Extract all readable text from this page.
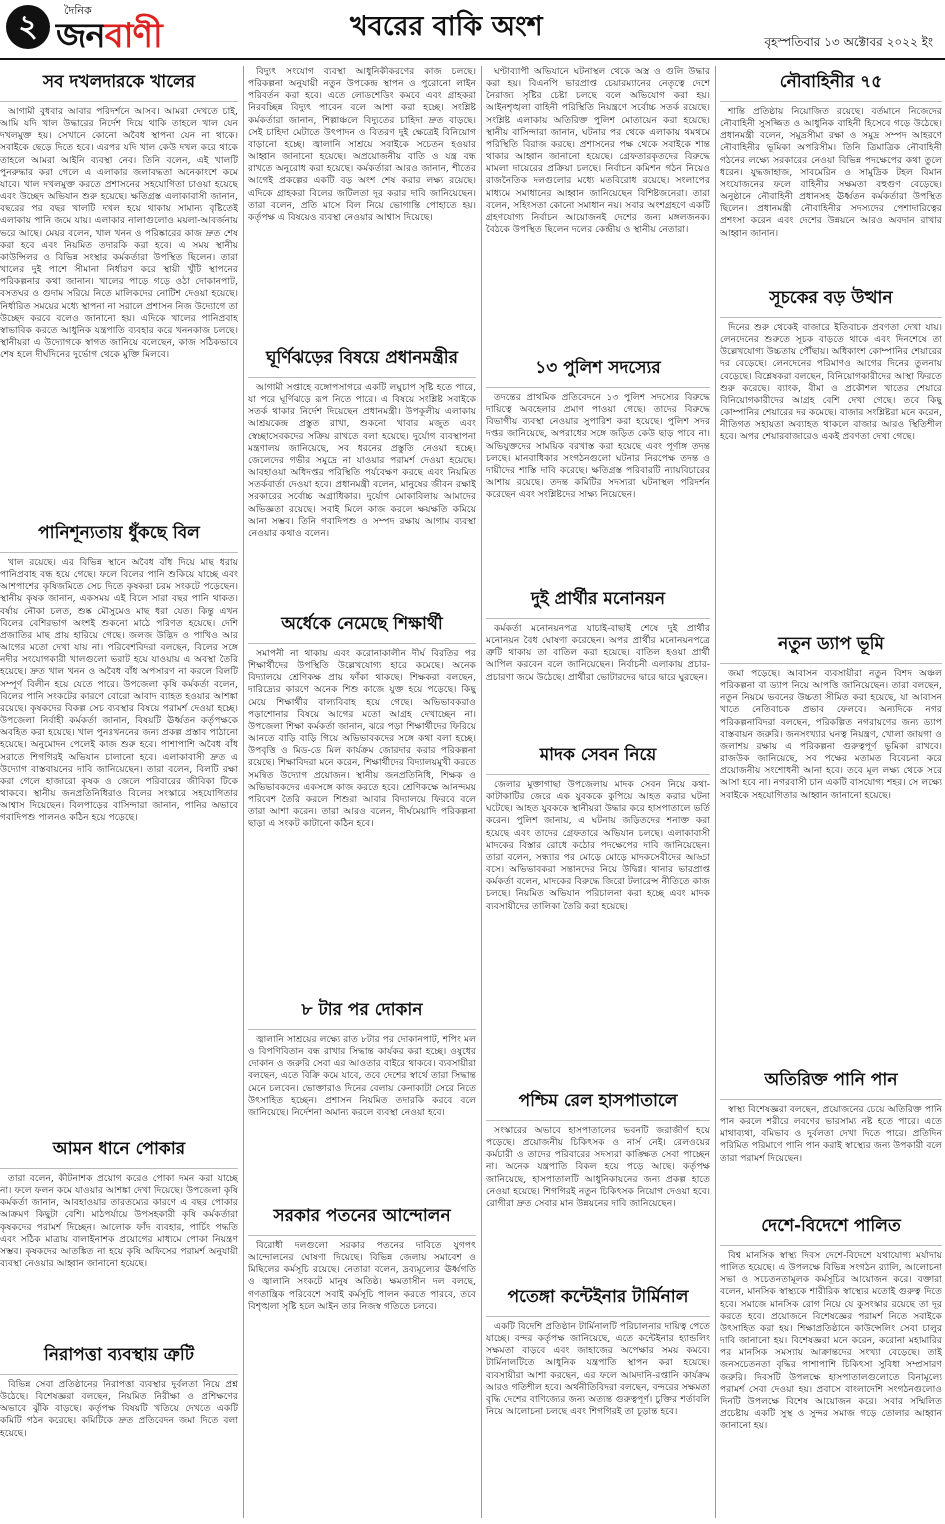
২	দৈনিক
জনবাণী	খবরের বাকি অংশ	বৃহস্পতিবার ১৩ অক্টোবর ২০২২ ইং
সব দখলদারকে খালের
আগামী বুধবার আবার পরিদর্শনে আসব। আমরা দেখতে চাই, আমি যদি খাল উদ্ধারের নির্দেশ দিয়ে থাকি তাহলে খাল যেন দখলমুক্ত হয়। সেখানে কোনো অবৈধ স্থাপনা যেন না থাকে। সবাইকে ছেড়ে দিতে হবে। এরপর যদি খাল কেউ দখল করে থাকে তাহলে আমরা আইনি ব্যবস্থা নেব। তিনি বলেন, এই খালটি পুনরুদ্ধার করা গেলে এ এলাকার জলাবদ্ধতা অনেকাংশে কমে যাবে। খাল দখলমুক্ত করতে প্রশাসনের সহযোগিতা চাওয়া হয়েছে এবং উচ্ছেদ অভিযান শুরু হয়েছে। ক্ষতিগ্রস্ত এলাকাবাসী জানান, বছরের পর বছর খালটি দখল হয়ে থাকায় সামান্য বৃষ্টিতেই এলাকায় পানি জমে যায়। এলাকার নালাগুলোও ময়লা-আবর্জনায় ভরে আছে। মেয়র বলেন, খাল খনন ও পরিষ্কারের কাজ দ্রুত শেষ করা হবে এবং নিয়মিত তদারকি করা হবে। এ সময় স্থানীয় কাউন্সিলর ও বিভিন্ন সংস্থার কর্মকর্তারা উপস্থিত ছিলেন। তারা খালের দুই পাশে সীমানা নির্ধারণ করে স্থায়ী খুঁটি স্থাপনের পরিকল্পনার কথা জানান। খালের পাড়ে গড়ে ওঠা দোকানপাট, বসতঘর ও গুদাম সরিয়ে নিতে মালিকদের নোটিশ দেওয়া হয়েছে। নির্ধারিত সময়ের মধ্যে স্থাপনা না সরালে প্রশাসন নিজ উদ্যোগে তা উচ্ছেদ করবে বলেও জানানো হয়। এদিকে খালের পানিপ্রবাহ স্বাভাবিক করতে আধুনিক যন্ত্রপাতি ব্যবহার করে খননকাজ চলছে। স্থানীয়রা এ উদ্যোগকে স্বাগত জানিয়ে বলেছেন, কাজ সঠিকভাবে শেষ হলে দীর্ঘদিনের দুর্ভোগ থেকে মুক্তি মিলবে।
পানিশূন্যতায় ধুঁকছে বিল
খাল রয়েছে। এর বিভিন্ন স্থানে অবৈধ বাঁধ দিয়ে মাছ ধরায় পানিপ্রবাহ বন্ধ হয়ে গেছে। ফলে বিলের পানি শুকিয়ে যাচ্ছে এবং আশপাশের কৃষিজমিতে সেচ দিতে কৃষকরা চরম সংকটে পড়েছেন। স্থানীয় কৃষক জানান, একসময় এই বিলে সারা বছর পানি থাকত। বর্ষায় নৌকা চলত, শুষ্ক মৌসুমেও মাছ ধরা যেত। কিন্তু এখন বিলের বেশিরভাগ অংশই শুকনো মাঠে পরিণত হয়েছে। দেশি প্রজাতির মাছ প্রায় হারিয়ে গেছে। জলজ উদ্ভিদ ও পাখিও আর আগের মতো দেখা যায় না। পরিবেশবিদরা বলছেন, বিলের সঙ্গে নদীর সংযোগকারী খালগুলো ভরাট হয়ে যাওয়ায় এ অবস্থা তৈরি হয়েছে। দ্রুত খাল খনন ও অবৈধ বাঁধ অপসারণ না করলে বিলটি সম্পূর্ণ বিলীন হয়ে যেতে পারে। উপজেলা কৃষি কর্মকর্তা বলেন, বিলের পানি সংকটের কারণে বোরো আবাদ ব্যাহত হওয়ার আশঙ্কা রয়েছে। কৃষকদের বিকল্প সেচ ব্যবস্থার বিষয়ে পরামর্শ দেওয়া হচ্ছে। উপজেলা নির্বাহী কর্মকর্তা জানান, বিষয়টি ঊর্ধ্বতন কর্তৃপক্ষকে অবহিত করা হয়েছে। খাল পুনঃখননের জন্য প্রকল্প প্রস্তাব পাঠানো হয়েছে। অনুমোদন পেলেই কাজ শুরু হবে। পাশাপাশি অবৈধ বাঁধ সরাতে শিগগিরই অভিযান চালানো হবে। এলাকাবাসী দ্রুত এ উদ্যোগ বাস্তবায়নের দাবি জানিয়েছেন। তারা বলেন, বিলটি রক্ষা করা গেলে হাজারো কৃষক ও জেলে পরিবারের জীবিকা টিকে থাকবে। স্থানীয় জনপ্রতিনিধিরাও বিলের সংস্কারে সহযোগিতার আশ্বাস দিয়েছেন। বিলপাড়ের বাসিন্দারা জানান, পানির অভাবে গবাদিপশু পালনও কঠিন হয়ে পড়েছে।
আমন ধানে পোকার
তারা বলেন, কীটনাশক প্রয়োগ করেও পোকা দমন করা যাচ্ছে না। ফলে ফলন কমে যাওয়ার আশঙ্কা দেখা দিয়েছে। উপজেলা কৃষি কর্মকর্তা জানান, আবহাওয়ার তারতম্যের কারণে এ বছর পোকার আক্রমণ কিছুটা বেশি। মাঠপর্যায়ে উপসহকারী কৃষি কর্মকর্তারা কৃষকদের পরামর্শ দিচ্ছেন। আলোক ফাঁদ ব্যবহার, পার্চিং পদ্ধতি এবং সঠিক মাত্রায় বালাইনাশক প্রয়োগের মাধ্যমে পোকা নিয়ন্ত্রণ সম্ভব। কৃষকদের আতঙ্কিত না হয়ে কৃষি অফিসের পরামর্শ অনুযায়ী ব্যবস্থা নেওয়ার আহ্বান জানানো হয়েছে।
নিরাপত্তা ব্যবস্থায় ত্রুটি
বিভিন্ন সেবা প্রতিষ্ঠানের নিরাপত্তা ব্যবস্থার দুর্বলতা নিয়ে প্রশ্ন উঠেছে। বিশেষজ্ঞরা বলছেন, নিয়মিত নিরীক্ষা ও প্রশিক্ষণের অভাবে ঝুঁকি বাড়ছে। কর্তৃপক্ষ বিষয়টি খতিয়ে দেখতে একটি কমিটি গঠন করেছে। কমিটিকে দ্রুত প্রতিবেদন জমা দিতে বলা হয়েছে।
বিদ্যুৎ সংযোগ ব্যবস্থা আধুনিকীকরণের কাজ চলছে। পরিকল্পনা অনুযায়ী নতুন উপকেন্দ্র স্থাপন ও পুরোনো লাইন পরিবর্তন করা হবে। এতে লোডশেডিং কমবে এবং গ্রাহকরা নিরবচ্ছিন্ন বিদ্যুৎ পাবেন বলে আশা করা হচ্ছে। সংশ্লিষ্ট কর্মকর্তারা জানান, শিল্পাঞ্চলে বিদ্যুতের চাহিদা দ্রুত বাড়ছে। সেই চাহিদা মেটাতে উৎপাদন ও বিতরণ দুই ক্ষেত্রেই বিনিয়োগ বাড়ানো হচ্ছে। জ্বালানি সাশ্রয়ে সবাইকে সচেতন হওয়ার আহ্বান জানানো হয়েছে। অপ্রয়োজনীয় বাতি ও যন্ত্র বন্ধ রাখতে অনুরোধ করা হয়েছে। কর্মকর্তারা আরও জানান, শীতের আগেই প্রকল্পের একটি বড় অংশ শেষ করার লক্ষ্য রয়েছে। এদিকে গ্রাহকরা বিলের জটিলতা দূর করার দাবি জানিয়েছেন। তারা বলেন, প্রতি মাসে বিল নিয়ে ভোগান্তি পোহাতে হয়। কর্তৃপক্ষ এ বিষয়েও ব্যবস্থা নেওয়ার আশ্বাস দিয়েছে।
ঘূর্ণিঝড়ের বিষয়ে প্রধানমন্ত্রীর
আগামী সপ্তাহে বঙ্গোপসাগরে একটি লঘুচাপ সৃষ্টি হতে পারে, যা পরে ঘূর্ণিঝড়ে রূপ নিতে পারে। এ বিষয়ে সংশ্লিষ্ট সবাইকে সতর্ক থাকার নির্দেশ দিয়েছেন প্রধানমন্ত্রী। উপকূলীয় এলাকায় আশ্রয়কেন্দ্র প্রস্তুত রাখা, শুকনো খাবার মজুত এবং স্বেচ্ছাসেবকদের সক্রিয় রাখতে বলা হয়েছে। দুর্যোগ ব্যবস্থাপনা মন্ত্রণালয় জানিয়েছে, সব ধরনের প্রস্তুতি নেওয়া হচ্ছে। জেলেদের গভীর সমুদ্রে না যাওয়ার পরামর্শ দেওয়া হয়েছে। আবহাওয়া অধিদপ্তর পরিস্থিতি পর্যবেক্ষণ করছে এবং নিয়মিত সতর্কবার্তা দেওয়া হবে। প্রধানমন্ত্রী বলেন, মানুষের জীবন রক্ষাই সরকারের সর্বোচ্চ অগ্রাধিকার। দুর্যোগ মোকাবিলায় আমাদের অভিজ্ঞতা রয়েছে। সবাই মিলে কাজ করলে ক্ষয়ক্ষতি কমিয়ে আনা সম্ভব। তিনি গবাদিপশু ও সম্পদ রক্ষায় আগাম ব্যবস্থা নেওয়ার কথাও বলেন।
অর্ধেকে নেমেছে শিক্ষার্থী
সমাপনী না থাকায় এবং করোনাকালীন দীর্ঘ বিরতির পর শিক্ষার্থীদের উপস্থিতি উল্লেখযোগ্য হারে কমেছে। অনেক বিদ্যালয়ে শ্রেণিকক্ষ প্রায় ফাঁকা থাকছে। শিক্ষকরা বলছেন, দারিদ্র্যের কারণে অনেক শিশু কাজে যুক্ত হয়ে পড়েছে। কিছু মেয়ে শিক্ষার্থীর বাল্যবিবাহ হয়ে গেছে। অভিভাবকরাও পড়াশোনার বিষয়ে আগের মতো আগ্রহ দেখাচ্ছেন না। উপজেলা শিক্ষা কর্মকর্তা জানান, ঝরে পড়া শিক্ষার্থীদের ফিরিয়ে আনতে বাড়ি বাড়ি গিয়ে অভিভাবকদের সঙ্গে কথা বলা হচ্ছে। উপবৃত্তি ও মিড-ডে মিল কার্যক্রম জোরদার করার পরিকল্পনা রয়েছে। শিক্ষাবিদরা মনে করেন, শিক্ষার্থীদের বিদ্যালয়মুখী করতে সমন্বিত উদ্যোগ প্রয়োজন। স্থানীয় জনপ্রতিনিধি, শিক্ষক ও অভিভাবকদের একসঙ্গে কাজ করতে হবে। শ্রেণিকক্ষে আনন্দময় পরিবেশ তৈরি করলে শিশুরা আবার বিদ্যালয়ে ফিরবে বলে তারা আশা করেন। তারা আরও বলেন, দীর্ঘমেয়াদি পরিকল্পনা ছাড়া এ সংকট কাটানো কঠিন হবে।
৮ টার পর দোকান
জ্বালানি সাশ্রয়ের লক্ষ্যে রাত ৮টার পর দোকানপাট, শপিং মল ও বিপণিবিতান বন্ধ রাখার সিদ্ধান্ত কার্যকর করা হচ্ছে। ওষুধের দোকান ও জরুরি সেবা এর আওতার বাইরে থাকবে। ব্যবসায়ীরা বলছেন, এতে বিক্রি কমে যাবে, তবে দেশের স্বার্থে তারা সিদ্ধান্ত মেনে চলবেন। ভোক্তারাও দিনের বেলায় কেনাকাটা সেরে নিতে উৎসাহিত হচ্ছেন। প্রশাসন নিয়মিত তদারকি করবে বলে জানিয়েছে। নির্দেশনা অমান্য করলে ব্যবস্থা নেওয়া হবে।
সরকার পতনের আন্দোলন
বিরোধী দলগুলো সরকার পতনের দাবিতে যুগপৎ আন্দোলনের ঘোষণা দিয়েছে। বিভিন্ন জেলায় সমাবেশ ও মিছিলের কর্মসূচি রয়েছে। নেতারা বলেন, দ্রব্যমূল্যের ঊর্ধ্বগতি ও জ্বালানি সংকটে মানুষ অতিষ্ঠ। ক্ষমতাসীন দল বলছে, গণতান্ত্রিক পরিবেশে সবাই কর্মসূচি পালন করতে পারবে, তবে বিশৃঙ্খলা সৃষ্টি হলে আইন তার নিজস্ব গতিতে চলবে।
ঘণ্টাব্যাপী অভিযানে ঘটনাস্থল থেকে অস্ত্র ও গুলি উদ্ধার করা হয়। বিএনপি ভারপ্রাপ্ত চেয়ারম্যানের নেতৃত্বে দেশে নৈরাজ্য সৃষ্টির চেষ্টা চলছে বলে অভিযোগ করা হয়। আইনশৃঙ্খলা বাহিনী পরিস্থিতি নিয়ন্ত্রণে সর্বোচ্চ সতর্ক রয়েছে। সংশ্লিষ্ট এলাকায় অতিরিক্ত পুলিশ মোতায়েন করা হয়েছে। স্থানীয় বাসিন্দারা জানান, ঘটনার পর থেকে এলাকায় থমথমে পরিস্থিতি বিরাজ করছে। প্রশাসনের পক্ষ থেকে সবাইকে শান্ত থাকার আহ্বান জানানো হয়েছে। গ্রেফতারকৃতদের বিরুদ্ধে মামলা দায়েরের প্রক্রিয়া চলছে। নির্বাচন কমিশন গঠন নিয়েও রাজনৈতিক দলগুলোর মধ্যে মতবিরোধ রয়েছে। সংলাপের মাধ্যমে সমাধানের আহ্বান জানিয়েছেন বিশিষ্টজনেরা। তারা বলেন, সহিংসতা কোনো সমাধান নয়। সবার অংশগ্রহণে একটি গ্রহণযোগ্য নির্বাচন আয়োজনই দেশের জন্য মঙ্গলজনক। বৈঠকে উপস্থিত ছিলেন দলের কেন্দ্রীয় ও স্থানীয় নেতারা।
১৩ পুলিশ সদস্যের
তদন্তের প্রাথমিক প্রতিবেদনে ১৩ পুলিশ সদস্যের বিরুদ্ধে দায়িত্বে অবহেলার প্রমাণ পাওয়া গেছে। তাদের বিরুদ্ধে বিভাগীয় ব্যবস্থা নেওয়ার সুপারিশ করা হয়েছে। পুলিশ সদর দপ্তর জানিয়েছে, অপরাধের সঙ্গে জড়িত কেউ ছাড় পাবে না। অভিযুক্তদের সাময়িক বরখাস্ত করা হয়েছে এবং পূর্ণাঙ্গ তদন্ত চলছে। মানবাধিকার সংগঠনগুলো ঘটনার নিরপেক্ষ তদন্ত ও দায়ীদের শাস্তি দাবি করেছে। ক্ষতিগ্রস্ত পরিবারটি ন্যায়বিচারের আশায় রয়েছে। তদন্ত কমিটির সদস্যরা ঘটনাস্থল পরিদর্শন করেছেন এবং সংশ্লিষ্টদের সাক্ষ্য নিয়েছেন।
দুই প্রার্থীর মনোনয়ন
কর্মকর্তা মনোনয়নপত্র যাচাই-বাছাই শেষে দুই প্রার্থীর মনোনয়ন বৈধ ঘোষণা করেছেন। অপর প্রার্থীর মনোনয়নপত্রে ত্রুটি থাকায় তা বাতিল করা হয়েছে। বাতিল হওয়া প্রার্থী আপিল করবেন বলে জানিয়েছেন। নির্বাচনী এলাকায় প্রচার-প্রচারণা জমে উঠেছে। প্রার্থীরা ভোটারদের দ্বারে দ্বারে ঘুরছেন।
মাদক সেবন নিয়ে
জেলার মুক্তাগাছা উপজেলায় মাদক সেবন নিয়ে কথা-কাটাকাটির জেরে এক যুবককে কুপিয়ে আহত করার ঘটনা ঘটেছে। আহত যুবককে স্থানীয়রা উদ্ধার করে হাসপাতালে ভর্তি করেন। পুলিশ জানায়, এ ঘটনায় জড়িতদের শনাক্ত করা হয়েছে এবং তাদের গ্রেফতারে অভিযান চলছে। এলাকাবাসী মাদকের বিস্তার রোধে কঠোর পদক্ষেপের দাবি জানিয়েছেন। তারা বলেন, সন্ধ্যার পর মোড়ে মোড়ে মাদকসেবীদের আড্ডা বসে। অভিভাবকরা সন্তানদের নিয়ে উদ্বিগ্ন। থানার ভারপ্রাপ্ত কর্মকর্তা বলেন, মাদকের বিরুদ্ধে জিরো টলারেন্স নীতিতে কাজ চলছে। নিয়মিত অভিযান পরিচালনা করা হচ্ছে এবং মাদক ব্যবসায়ীদের তালিকা তৈরি করা হয়েছে।
পশ্চিম রেল হাসপাতালে
সংস্কারের অভাবে হাসপাতালের ভবনটি জরাজীর্ণ হয়ে পড়েছে। প্রয়োজনীয় চিকিৎসক ও নার্স নেই। রেলওয়ের কর্মচারী ও তাদের পরিবারের সদস্যরা কাঙ্ক্ষিত সেবা পাচ্ছেন না। অনেক যন্ত্রপাতি বিকল হয়ে পড়ে আছে। কর্তৃপক্ষ জানিয়েছে, হাসপাতালটি আধুনিকায়নের জন্য প্রকল্প হাতে নেওয়া হয়েছে। শিগগিরই নতুন চিকিৎসক নিয়োগ দেওয়া হবে। রোগীরা দ্রুত সেবার মান উন্নয়নের দাবি জানিয়েছেন।
পতেঙ্গা কন্টেইনার টার্মিনাল
একটি বিদেশি প্রতিষ্ঠান টার্মিনালটি পরিচালনার দায়িত্ব পেতে যাচ্ছে। বন্দর কর্তৃপক্ষ জানিয়েছে, এতে কন্টেইনার হ্যান্ডলিং সক্ষমতা বাড়বে এবং জাহাজের অপেক্ষার সময় কমবে। টার্মিনালটিতে আধুনিক যন্ত্রপাতি স্থাপন করা হয়েছে। ব্যবসায়ীরা আশা করছেন, এর ফলে আমদানি-রপ্তানি কার্যক্রম আরও গতিশীল হবে। অর্থনীতিবিদরা বলছেন, বন্দরের সক্ষমতা বৃদ্ধি দেশের বাণিজ্যের জন্য অত্যন্ত গুরুত্বপূর্ণ। চুক্তির শর্তাবলি নিয়ে আলোচনা চলছে এবং শিগগিরই তা চূড়ান্ত হবে।
নৌবাহিনীর ৭৫
শান্তি প্রতিষ্ঠায় নিয়োজিত রয়েছে। বর্তমানে নিজেদের নৌবাহিনী সুসজ্জিত ও আধুনিক বাহিনী হিসেবে গড়ে উঠেছে। প্রধানমন্ত্রী বলেন, সমুদ্রসীমা রক্ষা ও সমুদ্র সম্পদ আহরণে নৌবাহিনীর ভূমিকা অপরিসীম। তিনি ত্রিমাত্রিক নৌবাহিনী গঠনের লক্ষ্যে সরকারের নেওয়া বিভিন্ন পদক্ষেপের কথা তুলে ধরেন। যুদ্ধজাহাজ, সাবমেরিন ও সামুদ্রিক টহল বিমান সংযোজনের ফলে বাহিনীর সক্ষমতা বহুগুণ বেড়েছে। অনুষ্ঠানে নৌবাহিনী প্রধানসহ ঊর্ধ্বতন কর্মকর্তারা উপস্থিত ছিলেন। প্রধানমন্ত্রী নৌবাহিনীর সদস্যদের পেশাদারিত্বের প্রশংসা করেন এবং দেশের উন্নয়নে আরও অবদান রাখার আহ্বান জানান।
সূচকের বড় উত্থান
দিনের শুরু থেকেই বাজারে ইতিবাচক প্রবণতা দেখা যায়। লেনদেনের শুরুতে সূচক বাড়তে থাকে এবং দিনশেষে তা উল্লেখযোগ্য উচ্চতায় পৌঁছায়। অধিকাংশ কোম্পানির শেয়ারের দর বেড়েছে। লেনদেনের পরিমাণও আগের দিনের তুলনায় বেড়েছে। বিশ্লেষকরা বলছেন, বিনিয়োগকারীদের আস্থা ফিরতে শুরু করেছে। ব্যাংক, বীমা ও প্রকৌশল খাতের শেয়ারে বিনিয়োগকারীদের আগ্রহ বেশি দেখা গেছে। তবে কিছু কোম্পানির শেয়ারের দর কমেছে। বাজার সংশ্লিষ্টরা মনে করেন, নীতিগত সহায়তা অব্যাহত থাকলে বাজার আরও স্থিতিশীল হবে। অপর শেয়ারবাজারেও একই প্রবণতা দেখা গেছে।
নতুন ড্যাপ ভূমি
জমা পড়েছে। আবাসন ব্যবসায়ীরা নতুন বিশদ অঞ্চল পরিকল্পনা বা ড্যাপ নিয়ে আপত্তি জানিয়েছেন। তারা বলছেন, নতুন নিয়মে ভবনের উচ্চতা সীমিত করা হয়েছে, যা আবাসন খাতে নেতিবাচক প্রভাব ফেলবে। অন্যদিকে নগর পরিকল্পনাবিদরা বলছেন, পরিকল্পিত নগরায়ণের জন্য ড্যাপ বাস্তবায়ন জরুরি। জনসংখ্যার ঘনত্ব নিয়ন্ত্রণ, খোলা জায়গা ও জলাশয় রক্ষায় এ পরিকল্পনা গুরুত্বপূর্ণ ভূমিকা রাখবে। রাজউক জানিয়েছে, সব পক্ষের মতামত বিবেচনা করে প্রয়োজনীয় সংশোধনী আনা হবে। তবে মূল লক্ষ্য থেকে সরে আসা হবে না। নগরবাসী চান একটি বাসযোগ্য শহর। সে লক্ষ্যে সবাইকে সহযোগিতার আহ্বান জানানো হয়েছে।
অতিরিক্ত পানি পান
স্বাস্থ্য বিশেষজ্ঞরা বলছেন, প্রয়োজনের চেয়ে অতিরিক্ত পানি পান করলে শরীরে লবণের ভারসাম্য নষ্ট হতে পারে। এতে মাথাব্যথা, বমিভাব ও দুর্বলতা দেখা দিতে পারে। প্রতিদিন পরিমিত পরিমাণে পানি পান করাই স্বাস্থ্যের জন্য উপকারী বলে তারা পরামর্শ দিয়েছেন।
দেশে-বিদেশে পালিত
বিশ্ব মানসিক স্বাস্থ্য দিবস দেশে-বিদেশে যথাযোগ্য মর্যাদায় পালিত হয়েছে। এ উপলক্ষে বিভিন্ন সংগঠন র‍্যালি, আলোচনা সভা ও সচেতনতামূলক কর্মসূচির আয়োজন করে। বক্তারা বলেন, মানসিক স্বাস্থ্যকে শারীরিক স্বাস্থ্যের মতোই গুরুত্ব দিতে হবে। সমাজে মানসিক রোগ নিয়ে যে কুসংস্কার রয়েছে তা দূর করতে হবে। প্রয়োজনে বিশেষজ্ঞের পরামর্শ নিতে সবাইকে উৎসাহিত করা হয়। শিক্ষাপ্রতিষ্ঠানে কাউন্সেলিং সেবা চালুর দাবি জানানো হয়। বিশেষজ্ঞরা মনে করেন, করোনা মহামারির পর মানসিক সমস্যায় আক্রান্তদের সংখ্যা বেড়েছে। তাই জনসচেতনতা বৃদ্ধির পাশাপাশি চিকিৎসা সুবিধা সম্প্রসারণ জরুরি। দিবসটি উপলক্ষে হাসপাতালগুলোতে বিনামূল্যে পরামর্শ সেবা দেওয়া হয়। প্রবাসে বাংলাদেশি সংগঠনগুলোও দিনটি উপলক্ষে বিশেষ আয়োজন করে। সবার সম্মিলিত প্রচেষ্টায় একটি সুস্থ ও সুন্দর সমাজ গড়ে তোলার আহ্বান জানানো হয়।
